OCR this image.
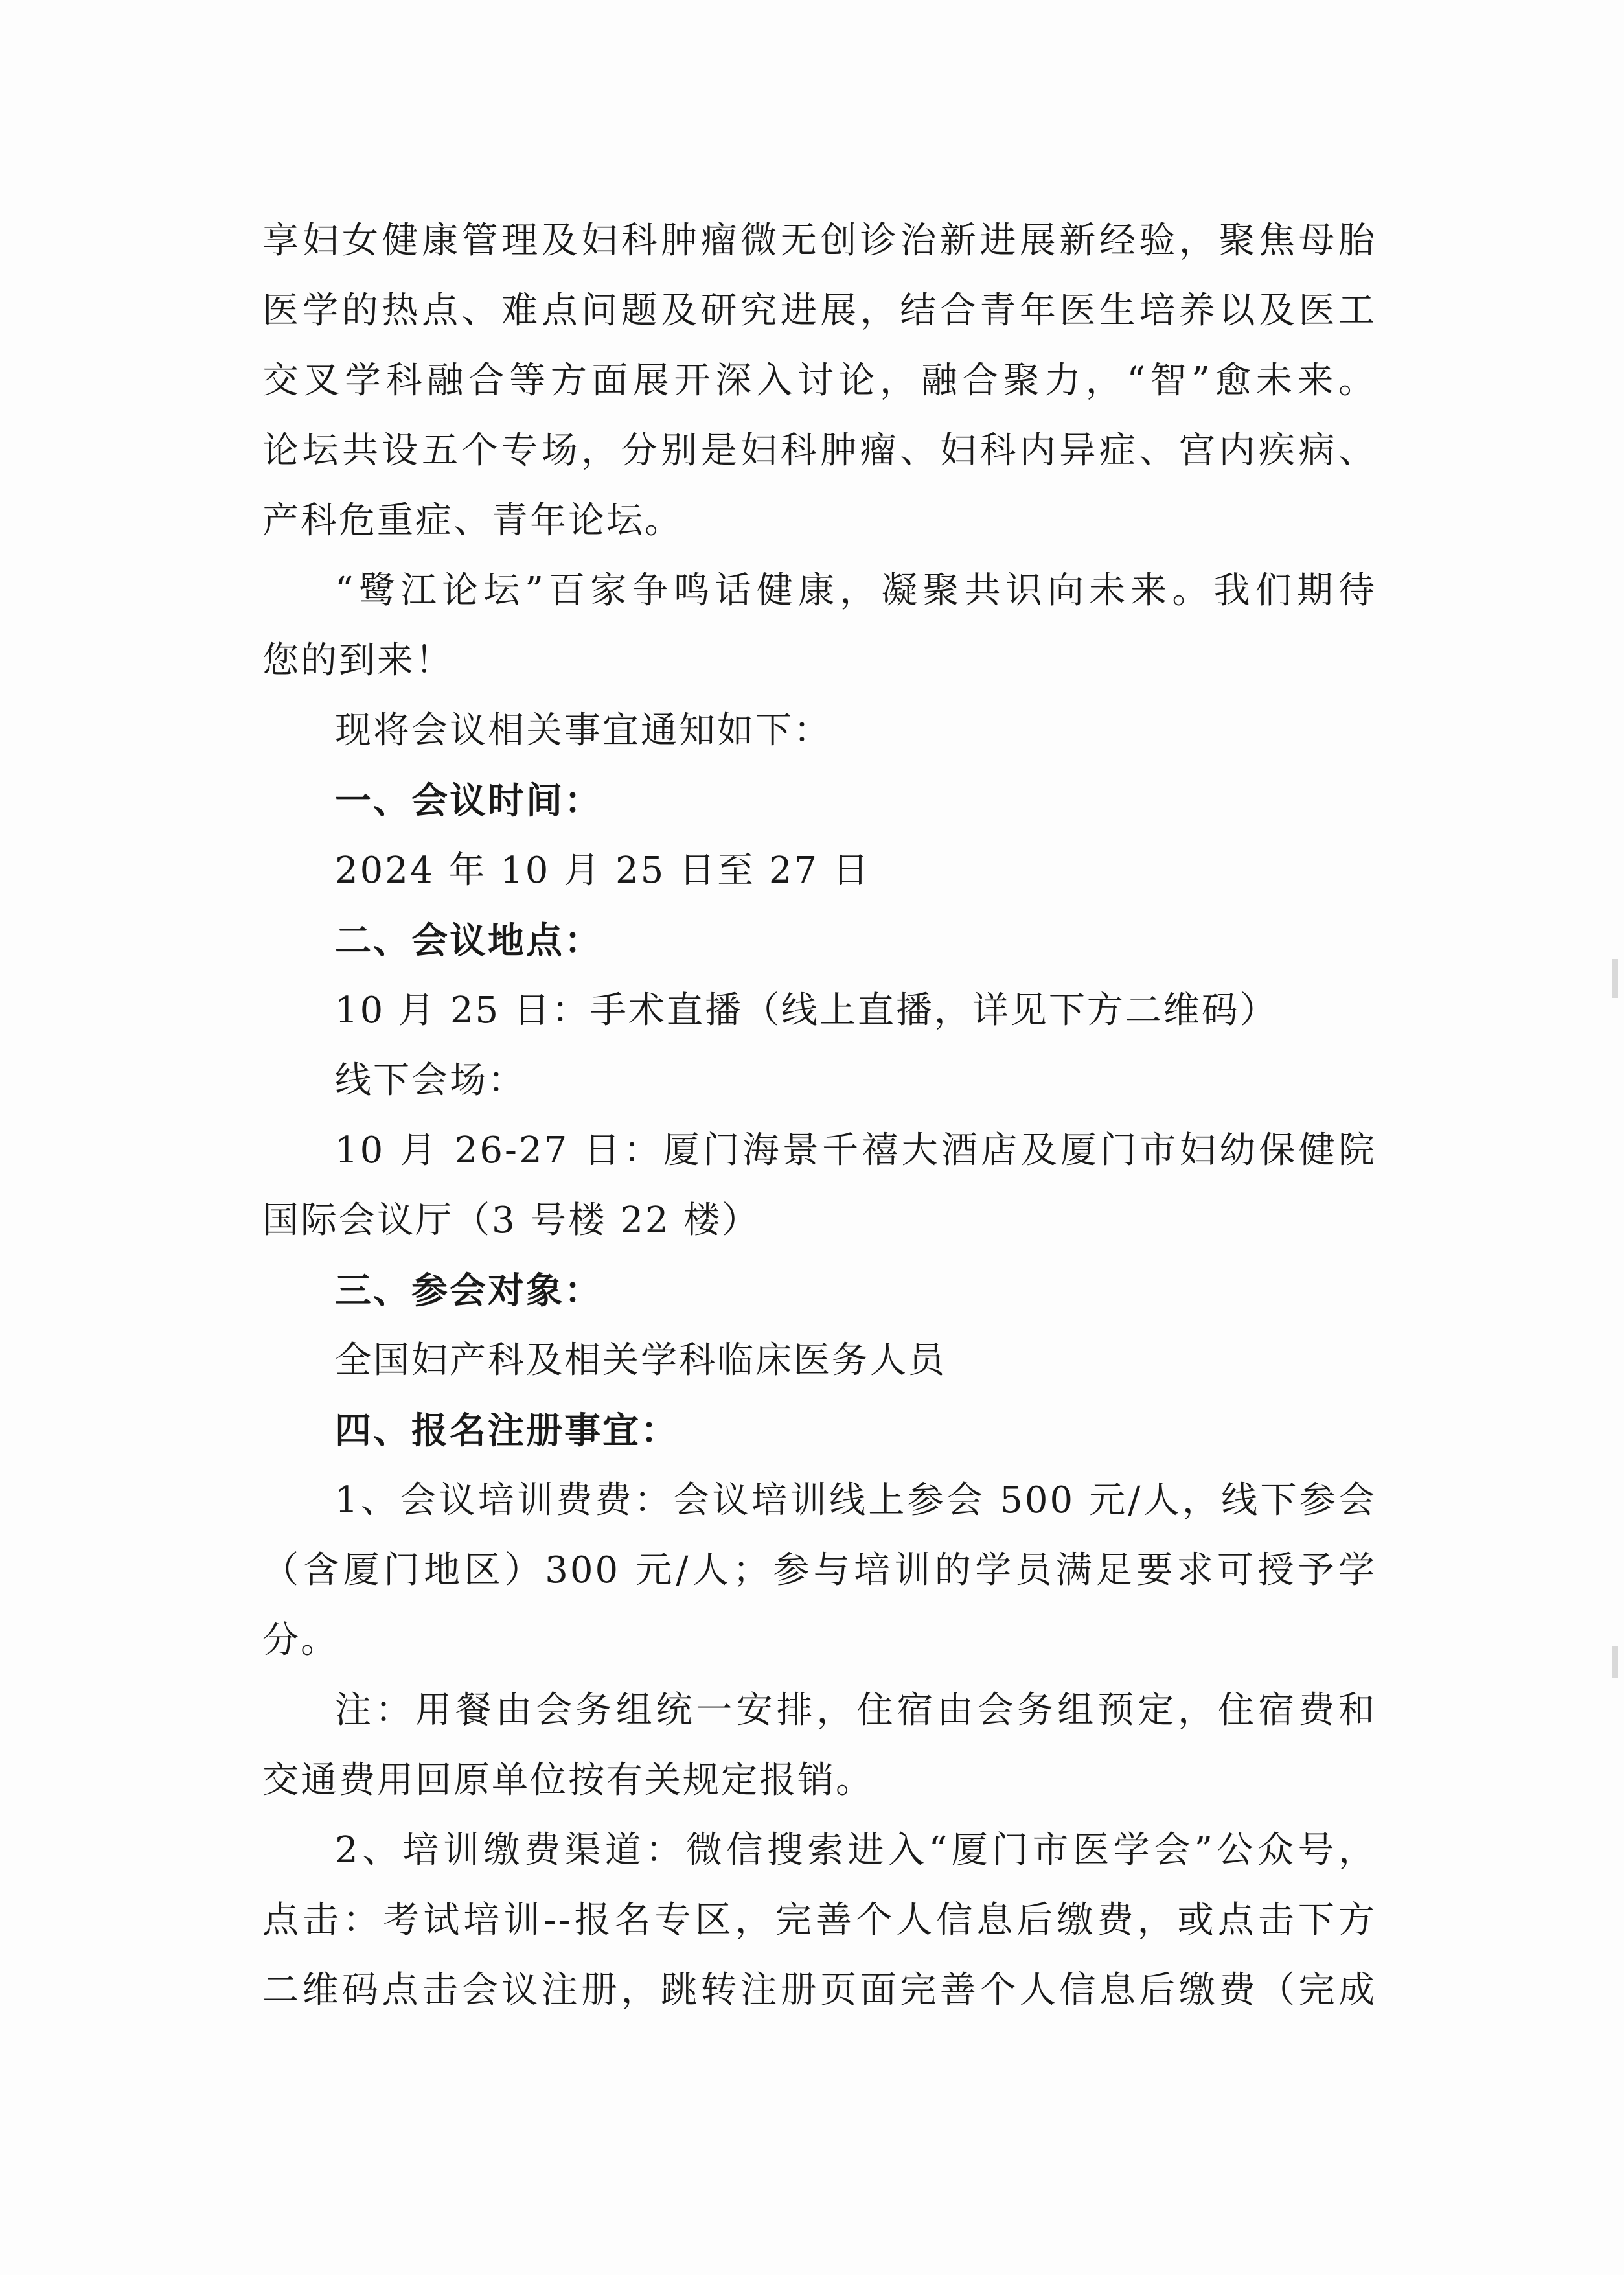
享妇女健康管理及妇科肿瘤微无创诊治新进展新经验，聚焦母胎
医学的热点、难点问题及研究进展，结合青年医生培养以及医工
交叉学科融合等方面展开深入讨论，融合聚力，“智”愈未来。
论坛共设五个专场，分别是妇科肿瘤、妇科内异症、宫内疾病、
产科危重症、青年论坛。
“鹭江论坛”百家争鸣话健康，凝聚共识向未来。我们期待
您的到来！
现将会议相关事宜通知如下：
一、会议时间：
2024 年 10 月 25 日至 27 日
二、会议地点：
10 月 25 日：手术直播（线上直播，详见下方二维码）
线下会场：
10 月 26-27 日：厦门海景千禧大酒店及厦门市妇幼保健院
国际会议厅（3 号楼 22 楼）
三、参会对象：
全国妇产科及相关学科临床医务人员
四、报名注册事宜：
1、会议培训费费：会议培训线上参会 500 元/人，线下参会
（含厦门地区）300 元/人；参与培训的学员满足要求可授予学
分。
注：用餐由会务组统一安排，住宿由会务组预定，住宿费和
交通费用回原单位按有关规定报销。
2、培训缴费渠道：微信搜索进入“厦门市医学会”公众号，
点击：考试培训--报名专区，完善个人信息后缴费，或点击下方
二维码点击会议注册，跳转注册页面完善个人信息后缴费（完成
